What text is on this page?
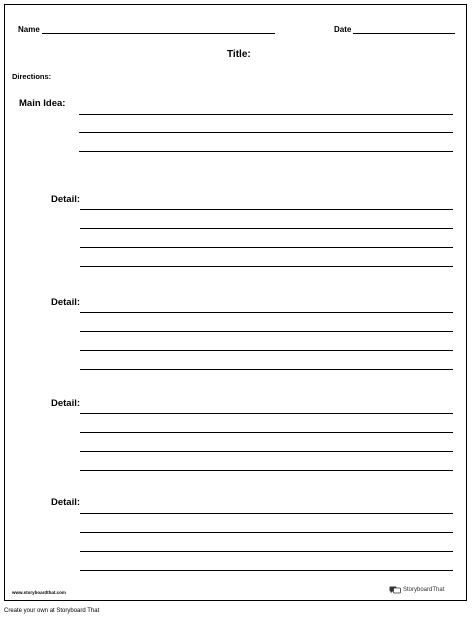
Name	Date
Title:
Directions:
Main Idea:
Detail:
Detail:
Detail:
Detail:
www.storyboardthat.com	StoryboardThat
Create your own at Storyboard That
